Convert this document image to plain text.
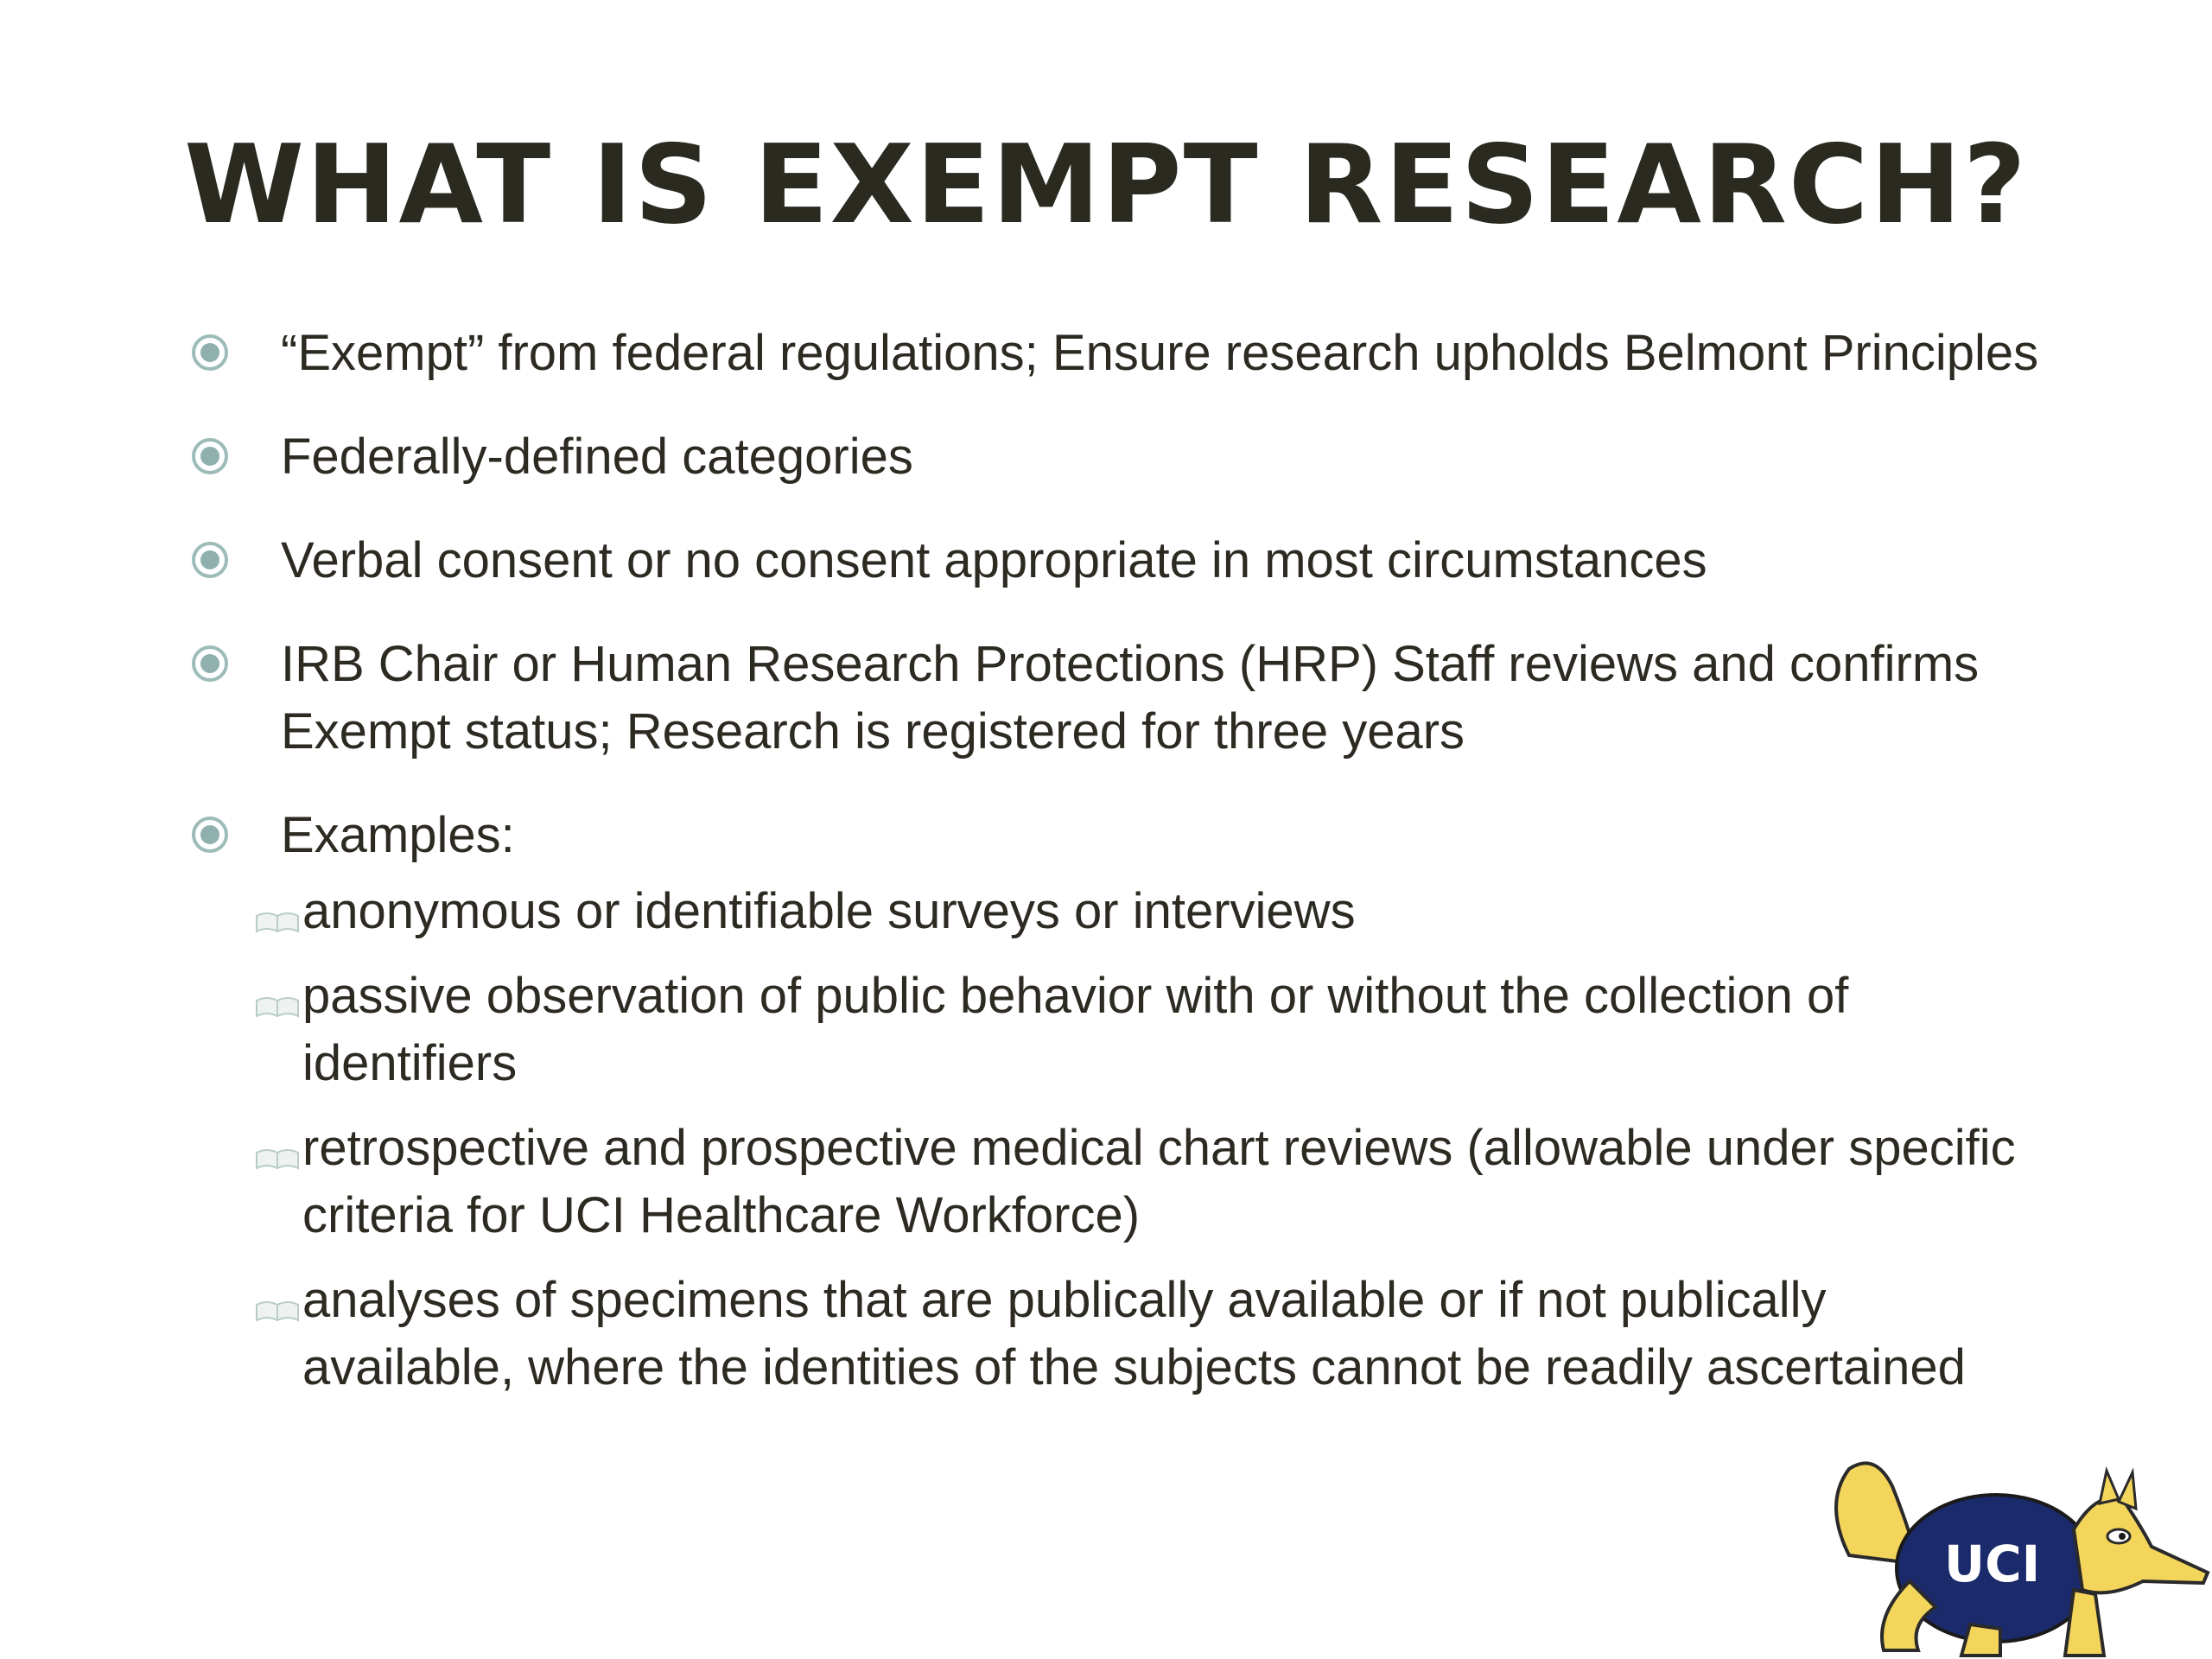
WHAT IS EXEMPT RESEARCH?
“Exempt” from federal regulations; Ensure research upholds Belmont Principles
Federally-defined categories
Verbal consent or no consent appropriate in most circumstances
IRB Chair or Human Research Protections (HRP) Staff reviews and confirms Exempt status; Research is registered for three years
Examples:
anonymous or identifiable surveys or interviews
passive observation of public behavior with or without the collection of identifiers
retrospective and prospective medical chart reviews (allowable under specific criteria for UCI Healthcare Workforce)
analyses of specimens that are publically available or if not publically available, where the identities of the subjects cannot be readily ascertained
UCI
